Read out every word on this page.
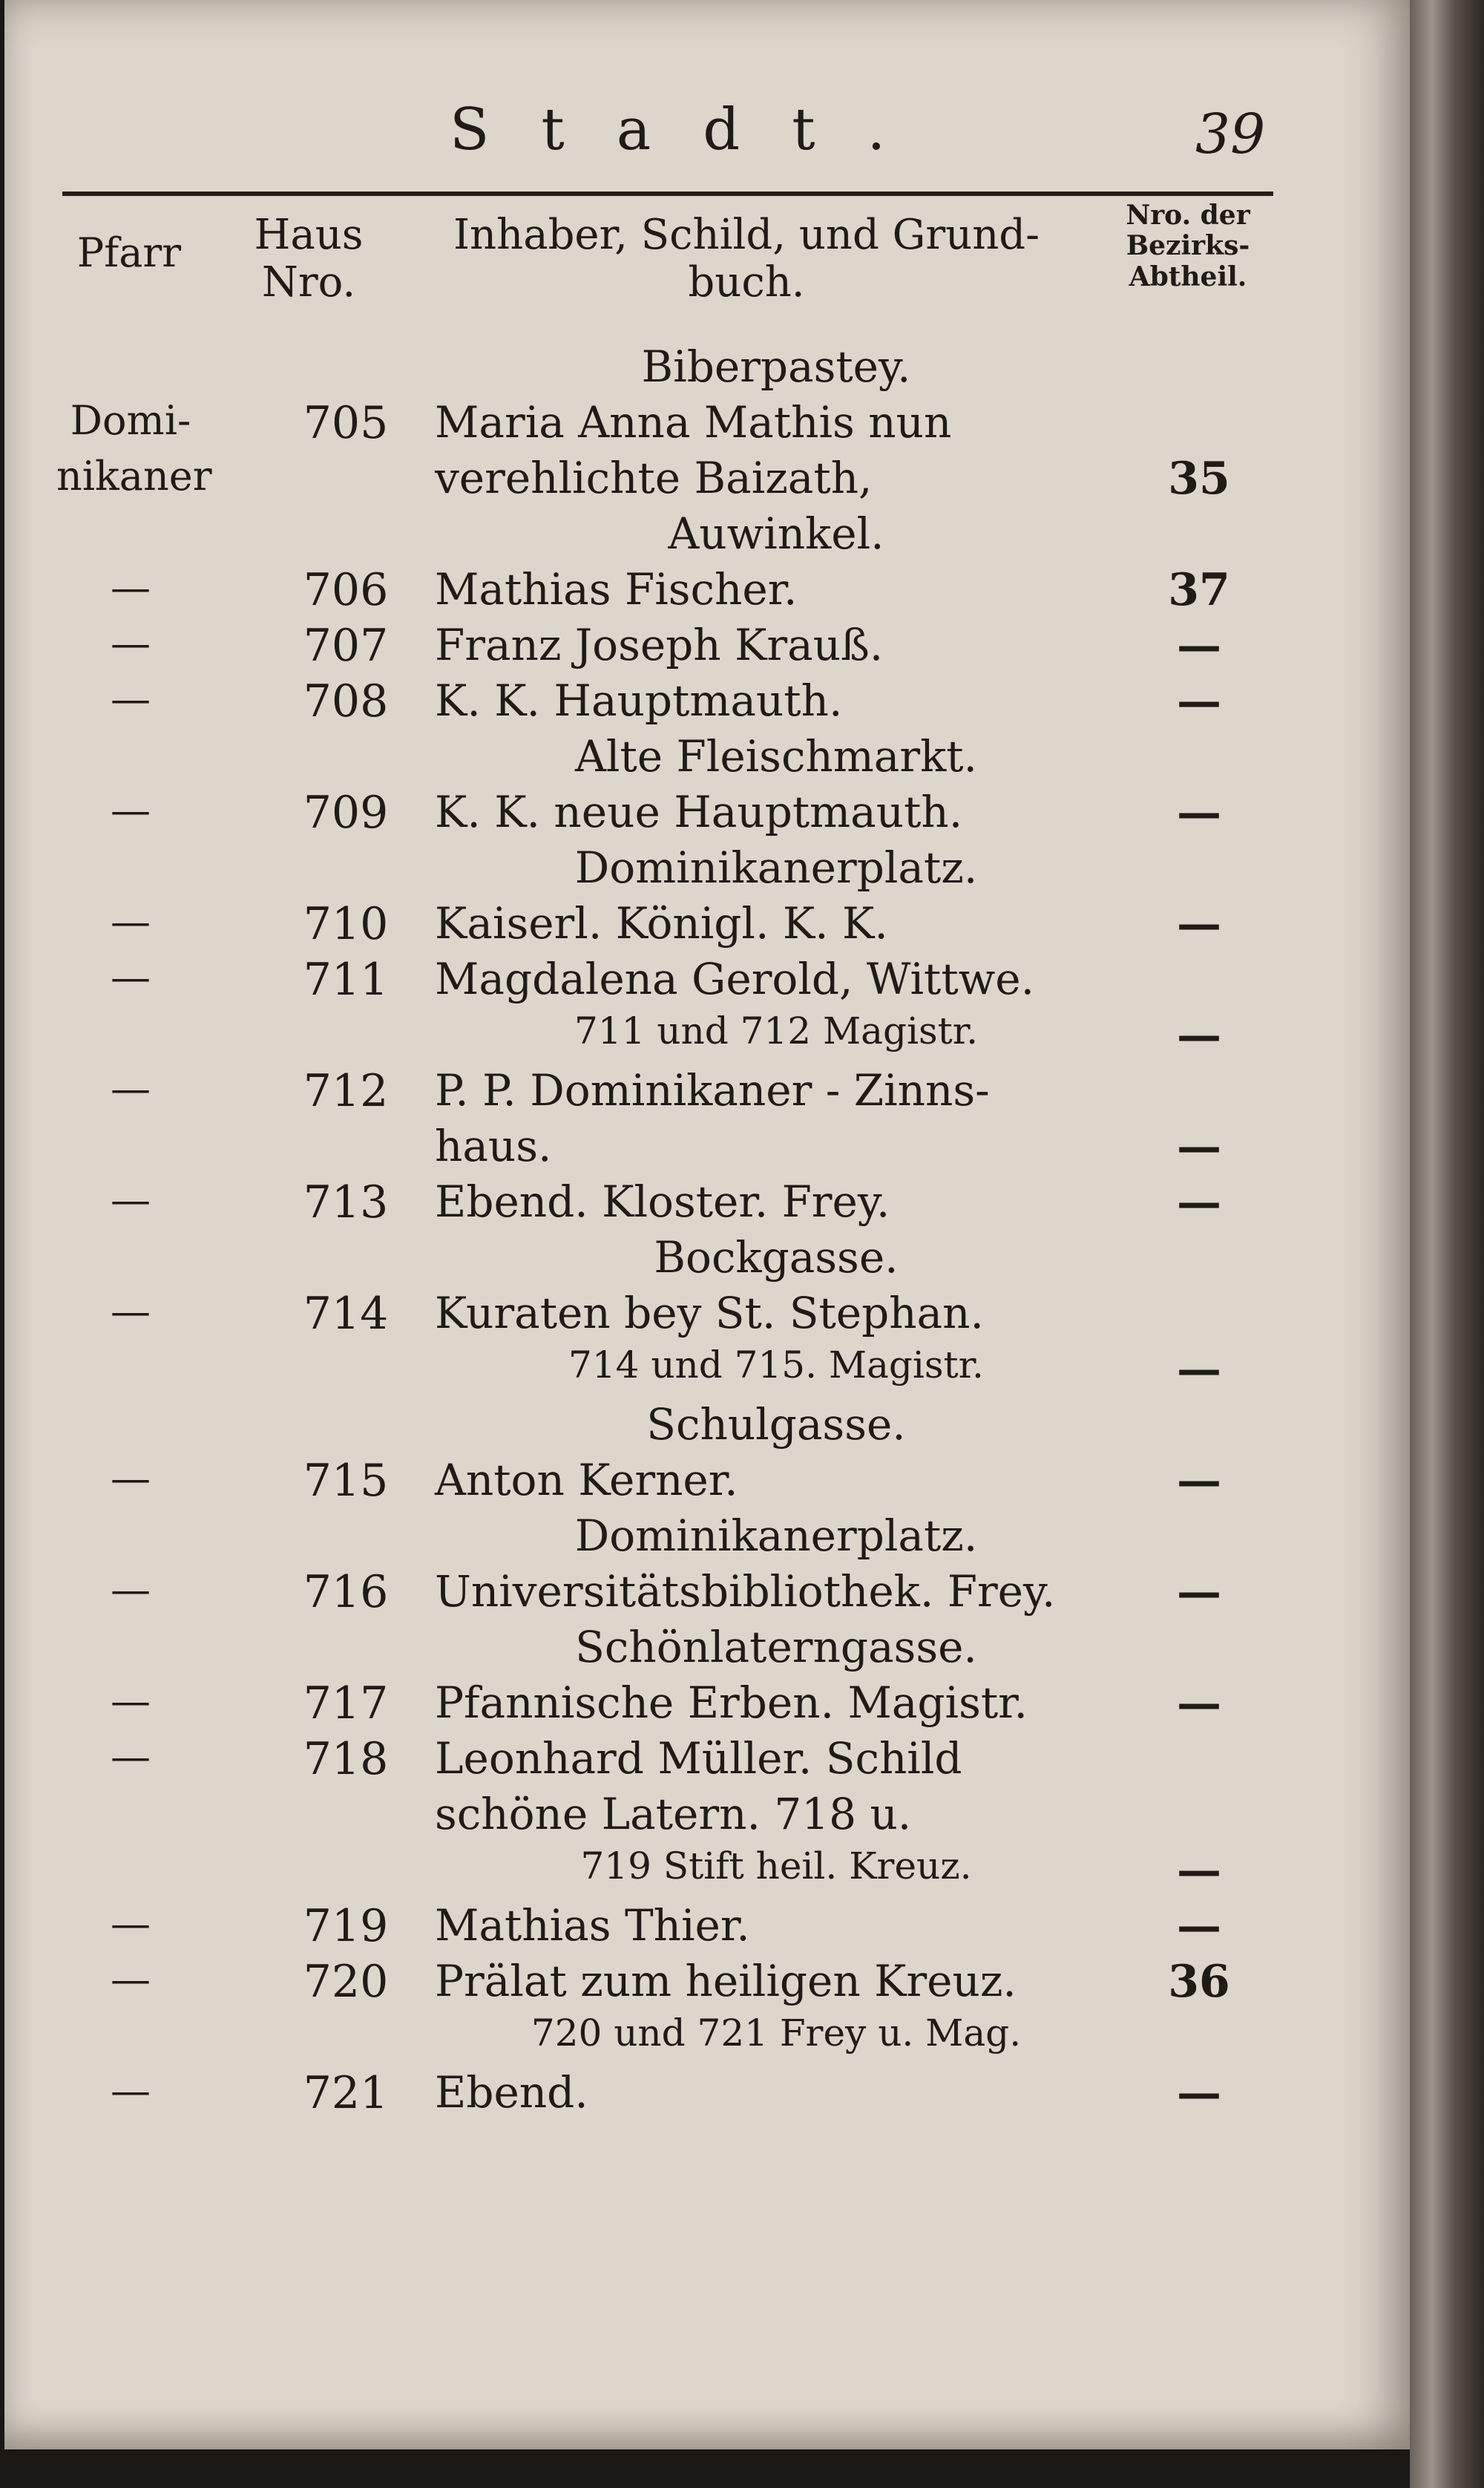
Stadt.	39
Pfarr	Haus Nro.
Inhaber, Schild, und Grund-buch.
Nro. der Bezirks-Abtheil.
Biberpastey.
Domi-	705	Maria Anna Mathis nun
nikaner	verehlichte Baizath,	35
Auwinkel.
—	706	Mathias Fischer.	37
—	707	Franz Joseph Krauß.	—
—	708	K. K. Hauptmauth.	—
Alte Fleischmarkt.
—	709	K. K. neue Hauptmauth.	—
Dominikanerplatz.
—	710	Kaiserl. Königl. K. K.	—
—	711	Magdalena Gerold, Wittwe.
711 und 712 Magistr.	—
—	712	P. P. Dominikaner - Zinns-
haus.	—
—	713	Ebend. Kloster. Frey.	—
Bockgasse.
—	714	Kuraten bey St. Stephan.
714 und 715. Magistr.	—
Schulgasse.
—	715	Anton Kerner.	—
Dominikanerplatz.
—	716	Universitätsbibliothek. Frey.	—
Schönlaterngasse.
—	717	Pfannische Erben. Magistr.	—
—	718	Leonhard Müller. Schild
schöne Latern. 718 u.
719 Stift heil. Kreuz.	—
—	719	Mathias Thier.	—
—	720	Prälat zum heiligen Kreuz.	36
720 und 721 Frey u. Mag.
—	721	Ebend.	—
